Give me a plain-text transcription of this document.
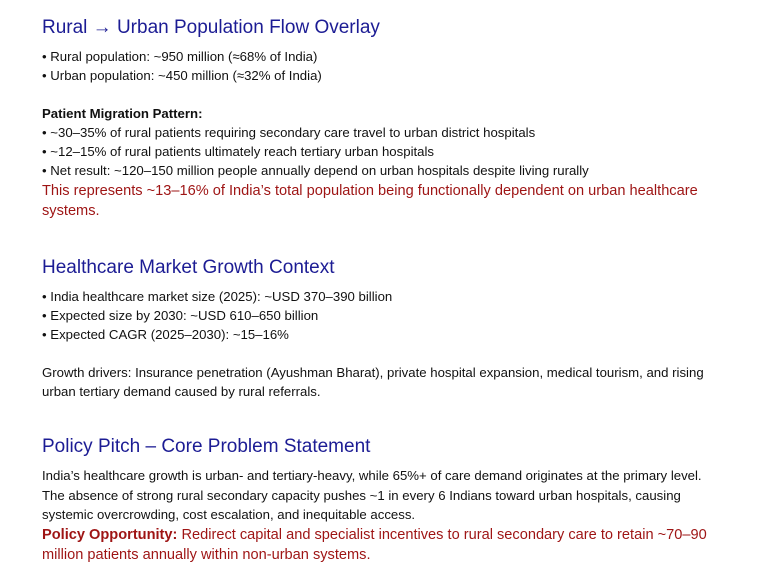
Rural → Urban Population Flow Overlay
• Rural population: ~950 million (≈68% of India)
• Urban population: ~450 million (≈32% of India)
Patient Migration Pattern:
• ~30–35% of rural patients requiring secondary care travel to urban district hospitals
• ~12–15% of rural patients ultimately reach tertiary urban hospitals
• Net result: ~120–150 million people annually depend on urban hospitals despite living rurally
This represents ~13–16% of India’s total population being functionally dependent on urban healthcare
systems.
Healthcare Market Growth Context
• India healthcare market size (2025): ~USD 370–390 billion
• Expected size by 2030: ~USD 610–650 billion
• Expected CAGR (2025–2030): ~15–16%
Growth drivers: Insurance penetration (Ayushman Bharat), private hospital expansion, medical tourism, and rising
urban tertiary demand caused by rural referrals.
Policy Pitch – Core Problem Statement
India’s healthcare growth is urban- and tertiary-heavy, while 65%+ of care demand originates at the primary level.
The absence of strong rural secondary capacity pushes ~1 in every 6 Indians toward urban hospitals, causing
systemic overcrowding, cost escalation, and inequitable access.
Policy Opportunity: Redirect capital and specialist incentives to rural secondary care to retain ~70–90
million patients annually within non-urban systems.
